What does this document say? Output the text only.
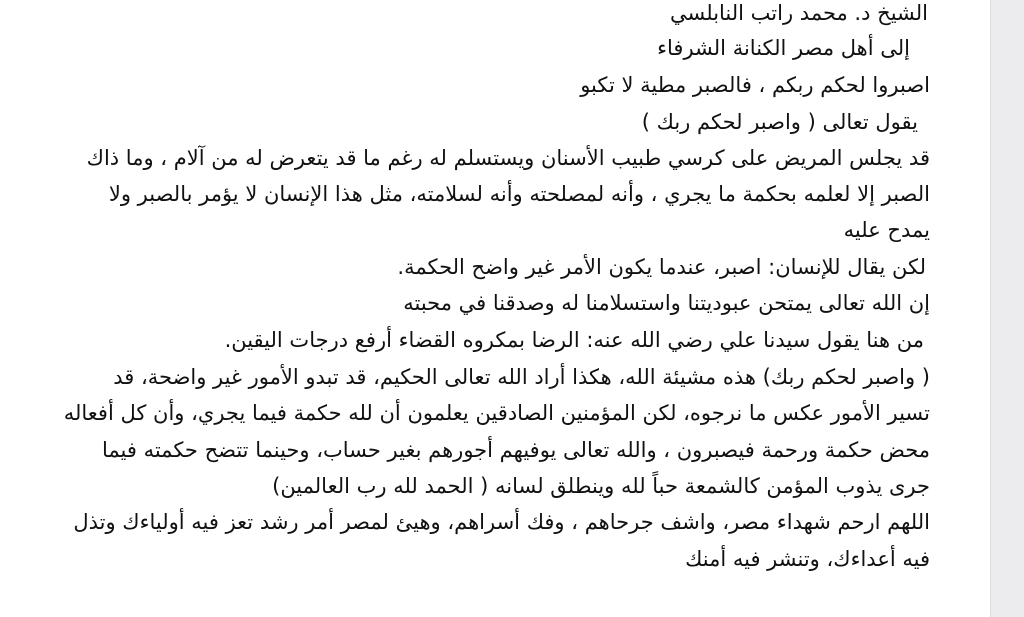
الشيخ د. محمد راتب النابلسي
إلى أهل مصر الكنانة الشرفاء
اصبروا لحكم ربكم ، فالصبر مطية لا تكبو
يقول تعالى ( واصبر لحكم ربك )
قد يجلس المريض على كرسي طبيب الأسنان ويستسلم له رغم ما قد يتعرض له من آلام ، وما ذاك
الصبر إلا لعلمه بحكمة ما يجري ، وأنه لمصلحته وأنه لسلامته، مثل هذا الإنسان لا يؤمر بالصبر ولا
يمدح عليه
لكن يقال للإنسان: اصبر، عندما يكون الأمر غير واضح الحكمة.
إن الله تعالى يمتحن عبوديتنا واستسلامنا له وصدقنا في محبته
من هنا يقول سيدنا علي رضي الله عنه: الرضا بمكروه القضاء أرفع درجات اليقين.
( واصبر لحكم ربك) هذه مشيئة الله، هكذا أراد الله تعالى الحكيم، قد تبدو الأمور غير واضحة، قد
تسير الأمور عكس ما نرجوه، لكن المؤمنين الصادقين يعلمون أن لله حكمة فيما يجري، وأن كل أفعاله
محض حكمة ورحمة فيصبرون ، والله تعالى يوفيهم أجورهم بغير حساب، وحينما تتضح حكمته فيما
جرى يذوب المؤمن كالشمعة حباً لله وينطلق لسانه ( الحمد لله رب العالمين)
اللهم ارحم شهداء مصر، واشف جرحاهم ، وفك أسراهم، وهيئ لمصر أمر رشد تعز فيه أولياءك وتذل
فيه أعداءك، وتنشر فيه أمنك
